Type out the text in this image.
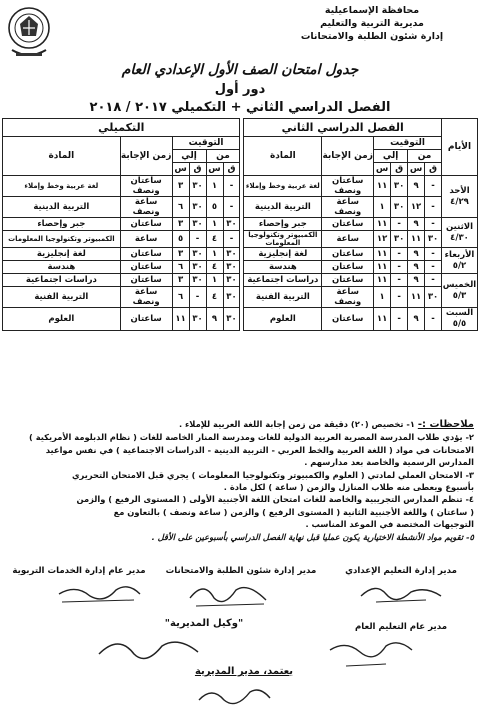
محافظة الإسماعيلية
مديرية التربية والتعليم
إدارة شئون الطلبة والامتحانات
جدول امتحان الصف الأول الإعدادي العام
دور أول
الفصل الدراسي الثاني + التكميلي ٢٠١٧ / ٢٠١٨
الأيام	الفصل الدراسي الثاني							التكميلي					
	التوقيت				زمن الإجابة	المادة		التوقيت				زمن الإجابة	المادة
	من		إلي					من		إلي			
	ق	س	ق	س				ق	س	ق	س		

الأحد
٤/٢٩	-	٩	٣٠	١١	ساعتان ونصف	لغة عربية وخط وإملاء		-	١	٣٠	٣	ساعتان ونصف	لغة عربية وخط وإملاء
	-	١٢	٣٠	١	ساعة ونصف	التربية الدينية		-	٥	٣٠	٦	ساعة ونصف	التربية الدينية

الاثنين
٤/٣٠	-	٩	-	١١	ساعتان	جبر وإحصاء		٣٠	١	٣٠	٣	ساعتان	جبر وإحصاء
	٣٠	١١	٣٠	١٢	ساعة	الكمبيوتر وتكنولوجيا المعلومات		-	٤	-	٥	ساعة	الكمبيوتر وتكنولوجيا المعلومات

الأربعاء
٥/٢	-	٩	-	١١	ساعتان	لغة إنجليزية		٣٠	١	٣٠	٣	ساعتان	لغة إنجليزية
	-	٩	-	١١	ساعتان	هندسة		٣٠	٤	٣٠	٦	ساعتان	هندسة

الخميس
٥/٣	-	٩	-	١١	ساعتان	دراسات اجتماعية		٣٠	١	٣٠	٣	ساعتان	دراسات اجتماعية
	٣٠	١١	-	١	ساعة ونصف	التربية الفنية		٣٠	٤	-	٦	ساعة ونصف	التربية الفنية

السبت
٥/٥	-	٩	-	١١	ساعتان	العلوم		٣٠	٩	٣٠	١١	ساعتان	العلوم
ملاحظات :- ١- تخصيص (٢٠) دقيقة من زمن إجابة اللغة العربية للإملاء .
٢- يؤدي طلاب المدرسة المصرية العربية الدولية للغات ومدرسة المنار الخاصة للغات ( نظام الدبلومة الأمريكية )
الامتحانات في مواد ( اللغة العربية والخط العربي - التربية الدينية - الدراسات الاجتماعية ) في نفس مواعيد
المدارس الرسمية والخاصة بعد مدارسهم .
٣- الامتحان العملي لمادتي ( العلوم والكمبيوتر وتكنولوجيا المعلومات ) يجري قبل الامتحان التحريري
بأسبوع ويعطى منه طلاب المنازل والزمن ( ساعة ) لكل مادة .
٤- تنظم المدارس التجريبية والخاصة للغات امتحان اللغة الأجنبية الأولى ( المستوى الرفيع ) والزمن
( ساعتان ) واللغة الأجنبية الثانية ( المستوى الرفيع ) والزمن ( ساعة ونصف ) بالتعاون مع
التوجيهات المختصة في الموعد المناسب .
٥- تقويم مواد الأنشطة الاختيارية يكون عمليا قبل نهاية الفصل الدراسي بأسبوعين على الأقل .
مدير إدارة التعليم الإعدادي
مدير إدارة شئون الطلبة والامتحانات
مدير عام إدارة الخدمات التربوية
مدير عام التعليم العام
"وكيل المديرية"
يعتمد، مدير المديرية
